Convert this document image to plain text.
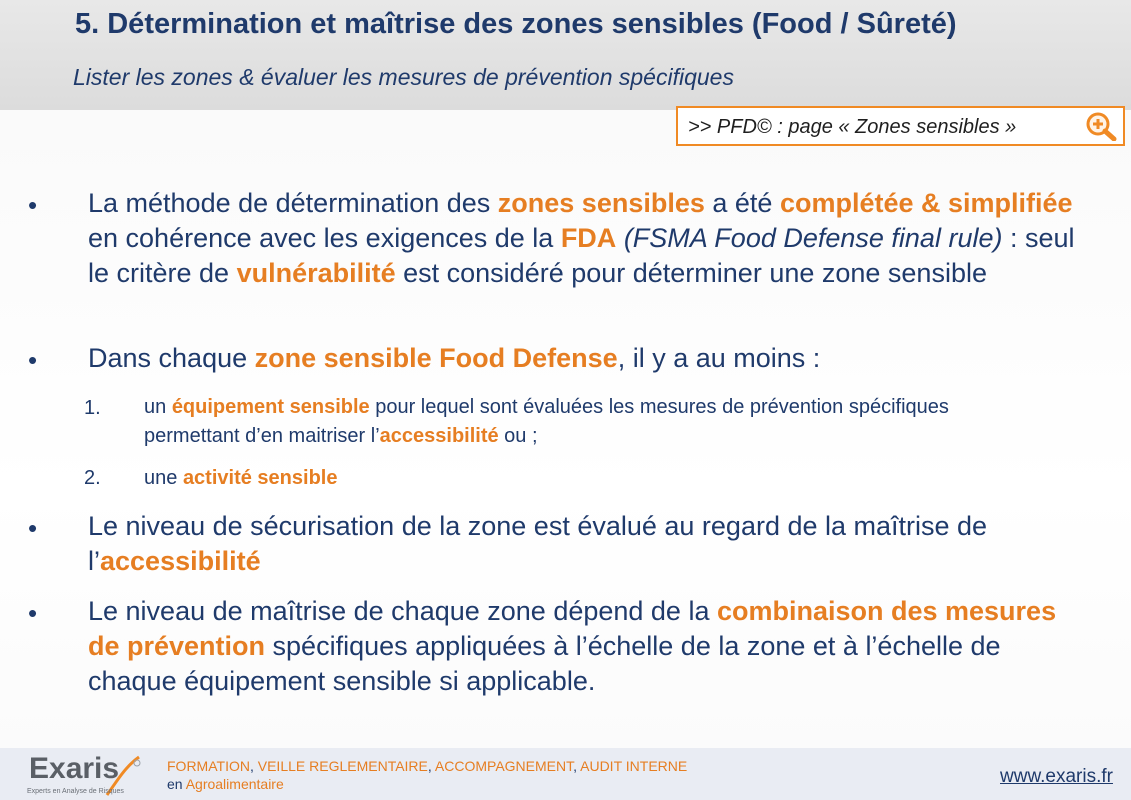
5. Détermination et maîtrise des zones sensibles (Food / Sûreté)
Lister les zones & évaluer les mesures de prévention spécifiques
>> PFD© : page « Zones sensibles »
• La méthode de détermination des zones sensibles a été complétée & simplifiée en cohérence avec les exigences de la FDA (FSMA Food Defense final rule) : seul le critère de vulnérabilité est considéré pour déterminer une zone sensible
• Dans chaque zone sensible Food Defense, il y a au moins :
1. un équipement sensible pour lequel sont évaluées les mesures de prévention spécifiques permettant d’en maitriser l’accessibilité ou ;
2. une activité sensible
• Le niveau de sécurisation de la zone est évalué au regard de la maîtrise de l’accessibilité
• Le niveau de maîtrise de chaque zone dépend de la combinaison des mesures de prévention spécifiques appliquées à l’échelle de la zone et à l’échelle de chaque équipement sensible si applicable.
Exaris
Experts en Analyse de Risques
FORMATION, VEILLE REGLEMENTAIRE, ACCOMPAGNEMENT, AUDIT INTERNE
en Agroalimentaire	www.exaris.fr
